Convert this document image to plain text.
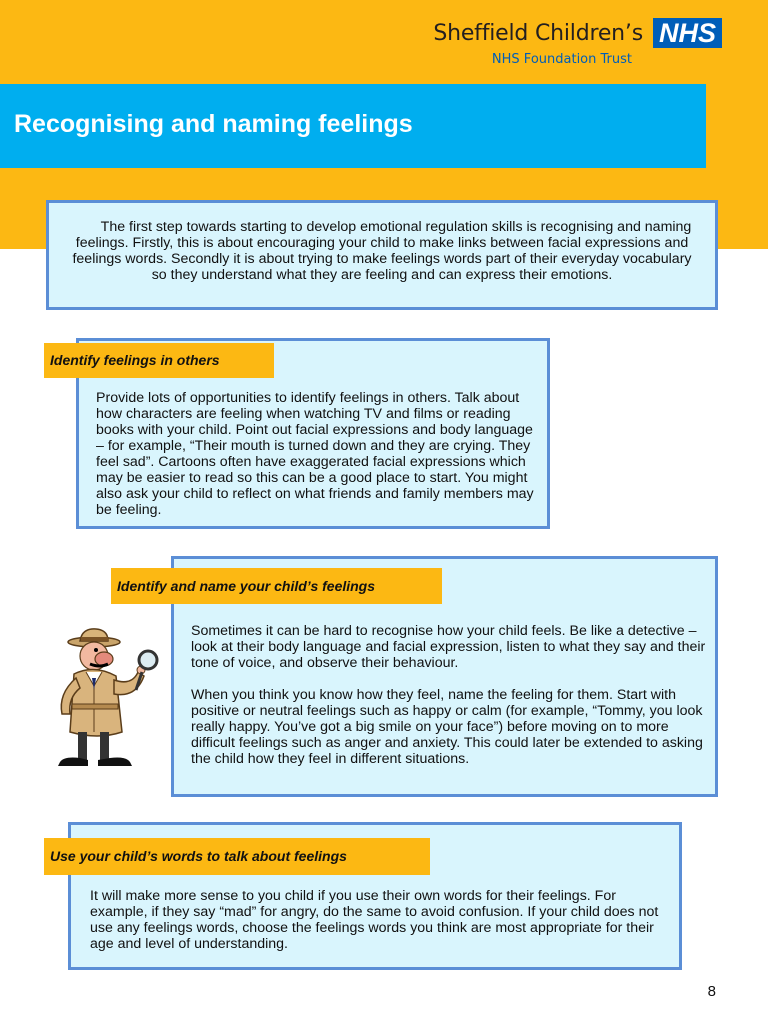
Sheffield Children’s NHS
NHS Foundation Trust
Recognising and naming feelings

The first step towards starting to develop emotional regulation skills is recognising and naming feelings. Firstly, this is about encouraging your child to make links between facial expressions and feelings words. Secondly it is about trying to make feelings words part of their everyday vocabulary so they understand what they are feeling and can express their emotions.

Identify feelings in others

Provide lots of opportunities to identify feelings in others. Talk about how characters are feeling when watching TV and films or reading books with your child. Point out facial expressions and body language – for example, “Their mouth is turned down and they are crying. They feel sad”. Cartoons often have exaggerated facial expressions which may be easier to read so this can be a good place to start. You might also ask your child to reflect on what friends and family members may be feeling.

Identify and name your child’s feelings

Sometimes it can be hard to recognise how your child feels. Be like a detective – look at their body language and facial expression, listen to what they say and their tone of voice, and observe their behaviour.

When you think you know how they feel, name the feeling for them. Start with positive or neutral feelings such as happy or calm (for example, “Tommy, you look really happy. You’ve got a big smile on your face”) before moving on to more difficult feelings such as anger and anxiety. This could later be extended to asking the child how they feel in different situations.

Use your child’s words to talk about feelings

It will make more sense to you child if you use their own words for their feelings. For example, if they say “mad” for angry, do the same to avoid confusion. If your child does not use any feelings words, choose the feelings words you think are most appropriate for their age and level of understanding.

8
